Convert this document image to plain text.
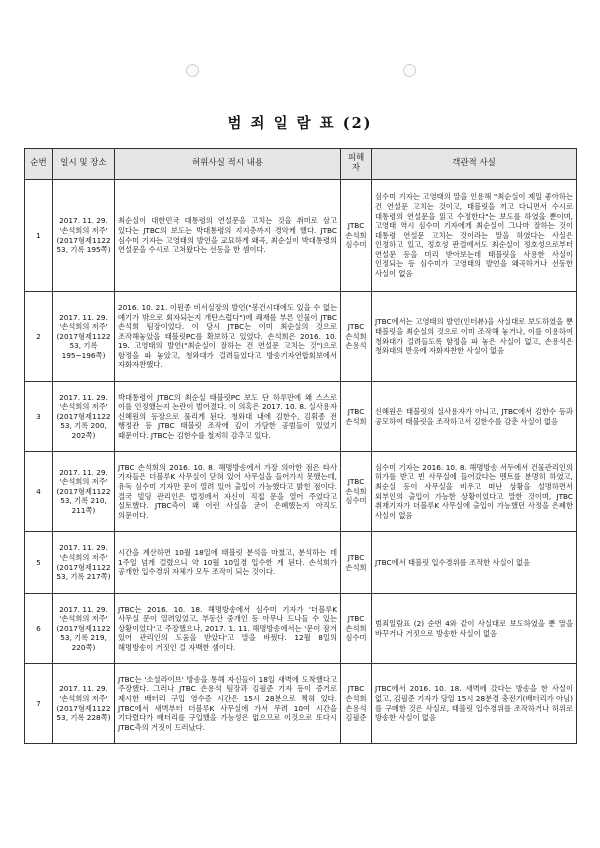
범 죄 일 람 표 (2)
순번	일시 및 장소	허위사실 적시 내용	피해자	객관적 사실
1	2017. 11. 29. '손석희의 저주' (2017형제112253, 기록 195쪽)	최순실이 대한민국 대통령의 연설문을 고치는 것을 취미로 삼고 있다는 JTBC의 보도는 박대통령의 지지층까지 경악케 했다. JTBC 심수미 기자는 고영태의 발언을 교묘하게 왜곡, 최순실이 박대통령의 연설문을 수시로 고쳐왔다는 선동을 한 셈이다.	JTBC 손석희 심수미	심수미 기자는 고영태의 말을 인용해 "최순실이 제일 좋아하는 건 연설문 고치는 것이고, 태블릿을 끼고 다니면서 수시로 대통령의 연설문을 읽고 수정한다"는 보도를 하였을 뿐이며, 고영태 역시 심수미 기자에게 최순실이 그나마 잘하는 것이 대통령 연설문 고치는 것이라는 말을 하였다는 사실은 인정하고 있고, 정호성 판결에서도 최순실이 정호성으로부터 연설문 등을 미리 받아보는데 태블릿을 사용한 사실이 인정되는 등 심수미가 고영태의 발언을 왜곡하거나 선동한 사실이 없음
2	2017. 11. 29. '손석희의 저주' (2017형제112253, 기록 195~196쪽)	2016. 10. 21. 이원종 비서실장의 발언("봉건시대에도 있을 수 없는 얘기가 밖으로 회자되는지 개탄스럽다")에 쾌재를 부른 인물이 JTBC 손석희 팀장이었다. 이 당시 JTBC는 이미 최순실의 것으로 조작해놓았을 태블릿PC를 확보하고 있었다. 손석희은 2016. 10. 19. 고영태의 발언("최순실이 잘하는 건 연설문 고치는 것")으로 함정을 파 놓았고, 청와대가 걸려들었다고 방송기자연합회보에서 자화자찬했다.	JTBC 손석희 손용석	JTBC에서는 고영태의 발언(인터뷰)을 사실대로 보도하였을 뿐 태블릿을 최순실의 것으로 이미 조작해 놓거나, 이를 이용하여 청와대가 걸려들도록 함정을 파 놓은 사실이 없고, 손용석은 청와대의 반응에 자화자찬한 사실이 없음
3	2017. 11. 29. '손석희의 저주' (2017형제112253, 기록 200, 202쪽)	박대통령이 JTBC의 최순실 태블릿PC 보도 단 하루만에 왜 스스로 이를 인정했는지 논란이 벌어졌다. 이 의혹은 2017. 10. 8. 실사용자 신혜원의 등장으로 풀리게 된다. 청와대 내에 김한수, 김휘종 전 행정관 등 JTBC 태블릿 조작에 깊이 가담한 공범들이 있었기 때문이다. JTBC는 김한수를 철저히 감추고 있다.	JTBC 손석희	신혜원은 태블릿의 실사용자가 아니고, JTBC에서 김한수 등과 공모하여 태블릿을 조작하고서 김한수를 감춘 사실이 없음
4	2017. 11. 29. '손석희의 저주' (2017형제112253, 기록 210, 211쪽)	JTBC 손석희의 2016. 10. 8. 해명방송에서 가장 의아한 점은 타사 기자들은 더블루K 사무실이 닫혀 있어 사무실을 들어가지 못했는데, 유독 심수미 기자만 문이 열려 있어 출입이 가능했다고 밝힌 점이다. 결국 빌딩 관리인은 법정에서 자신이 직접 문을 열어 주었다고 실토했다. JTBC측이 왜 이런 사실을 굳이 은폐했는지 아직도 의문이다.	JTBC 손석희 심수미	심수미 기자는 2016. 10. 8. 해명방송 서두에서 건물관리인의 허가를 받고 빈 사무실에 들어갔다는 멘트를 분명히 하였고, 최순실 등이 사무실을 비우고 떠난 상황을 설명하면서 외부인의 출입이 가능한 상황이었다고 말한 것이며, JTBC 취재기자가 더블루K 사무실에 출입이 가능했던 사정을 은폐한 사실이 없음
5	2017. 11. 29. '손석희의 저주' (2017형제112253, 기록 217쪽)	시간을 계산하면 10월 18일에 태블릿 분석을 마쳤고, 분석하는 데 1주일 넘게 걸렸으니 약 10월 10일경 입수한 게 된다. 손석희가 공개한 입수경위 자체가 모두 조작이 되는 것이다.	JTBC 손석희	JTBC에서 태블릿 입수경위를 조작한 사실이 없음
6	2017. 11. 29. '손석희의 저주' (2017형제112253, 기록 219, 220쪽)	JTBC는 2016. 10. 18. 해명방송에서 심수미 기자가 '더블루K 사무실 문이 열려있었고, 부동산 중개인 등 아무나 드나들 수 있는 상황이었다'고 주장했으나, 2017. 1. 11. 해명방송에서는 '문이 잠겨 있어 관리인의 도움을 받았다'고 말을 바꿨다. 12월 8일의 해명방송이 거짓인 걸 자백한 셈이다.	JTBC 손석희 심수미	범죄일람표 (2) 순번 4와 같이 사실대로 보도하였을 뿐 말을 바꾸거나 거짓으로 방송한 사실이 없음
7	2017. 11. 29. '손석희의 저주' (2017형제112253, 기록 228쪽)	JTBC는 '소셜라이브' 방송을 통해 자신들이 18일 새벽에 도착했다고 주장했다. 그러나 JTBC 손용석 팀장과 김필준 기자 등이 증거로 제시한 배터리 구입 영수증 시간은 15시 28분으로 찍혀 있다. JTBC에서 새벽부터 더블루K 사무실에 가서 무려 10여 시간을 기다렸다가 배터리를 구입했을 가능성은 없으므로 이것으로 또다시 JTBC측의 거짓이 드러났다.	JTBC 손석희 손용석 김필준	JTBC에서 2016. 10. 18. 새벽에 갔다는 방송을 한 사실이 없고, 김필준 기자가 당일 15시 28분경 충전기(배터리가 아님)를 구매한 것은 사실로, 태블릿 입수경위를 조작하거나 허위로 방송한 사실이 없음
